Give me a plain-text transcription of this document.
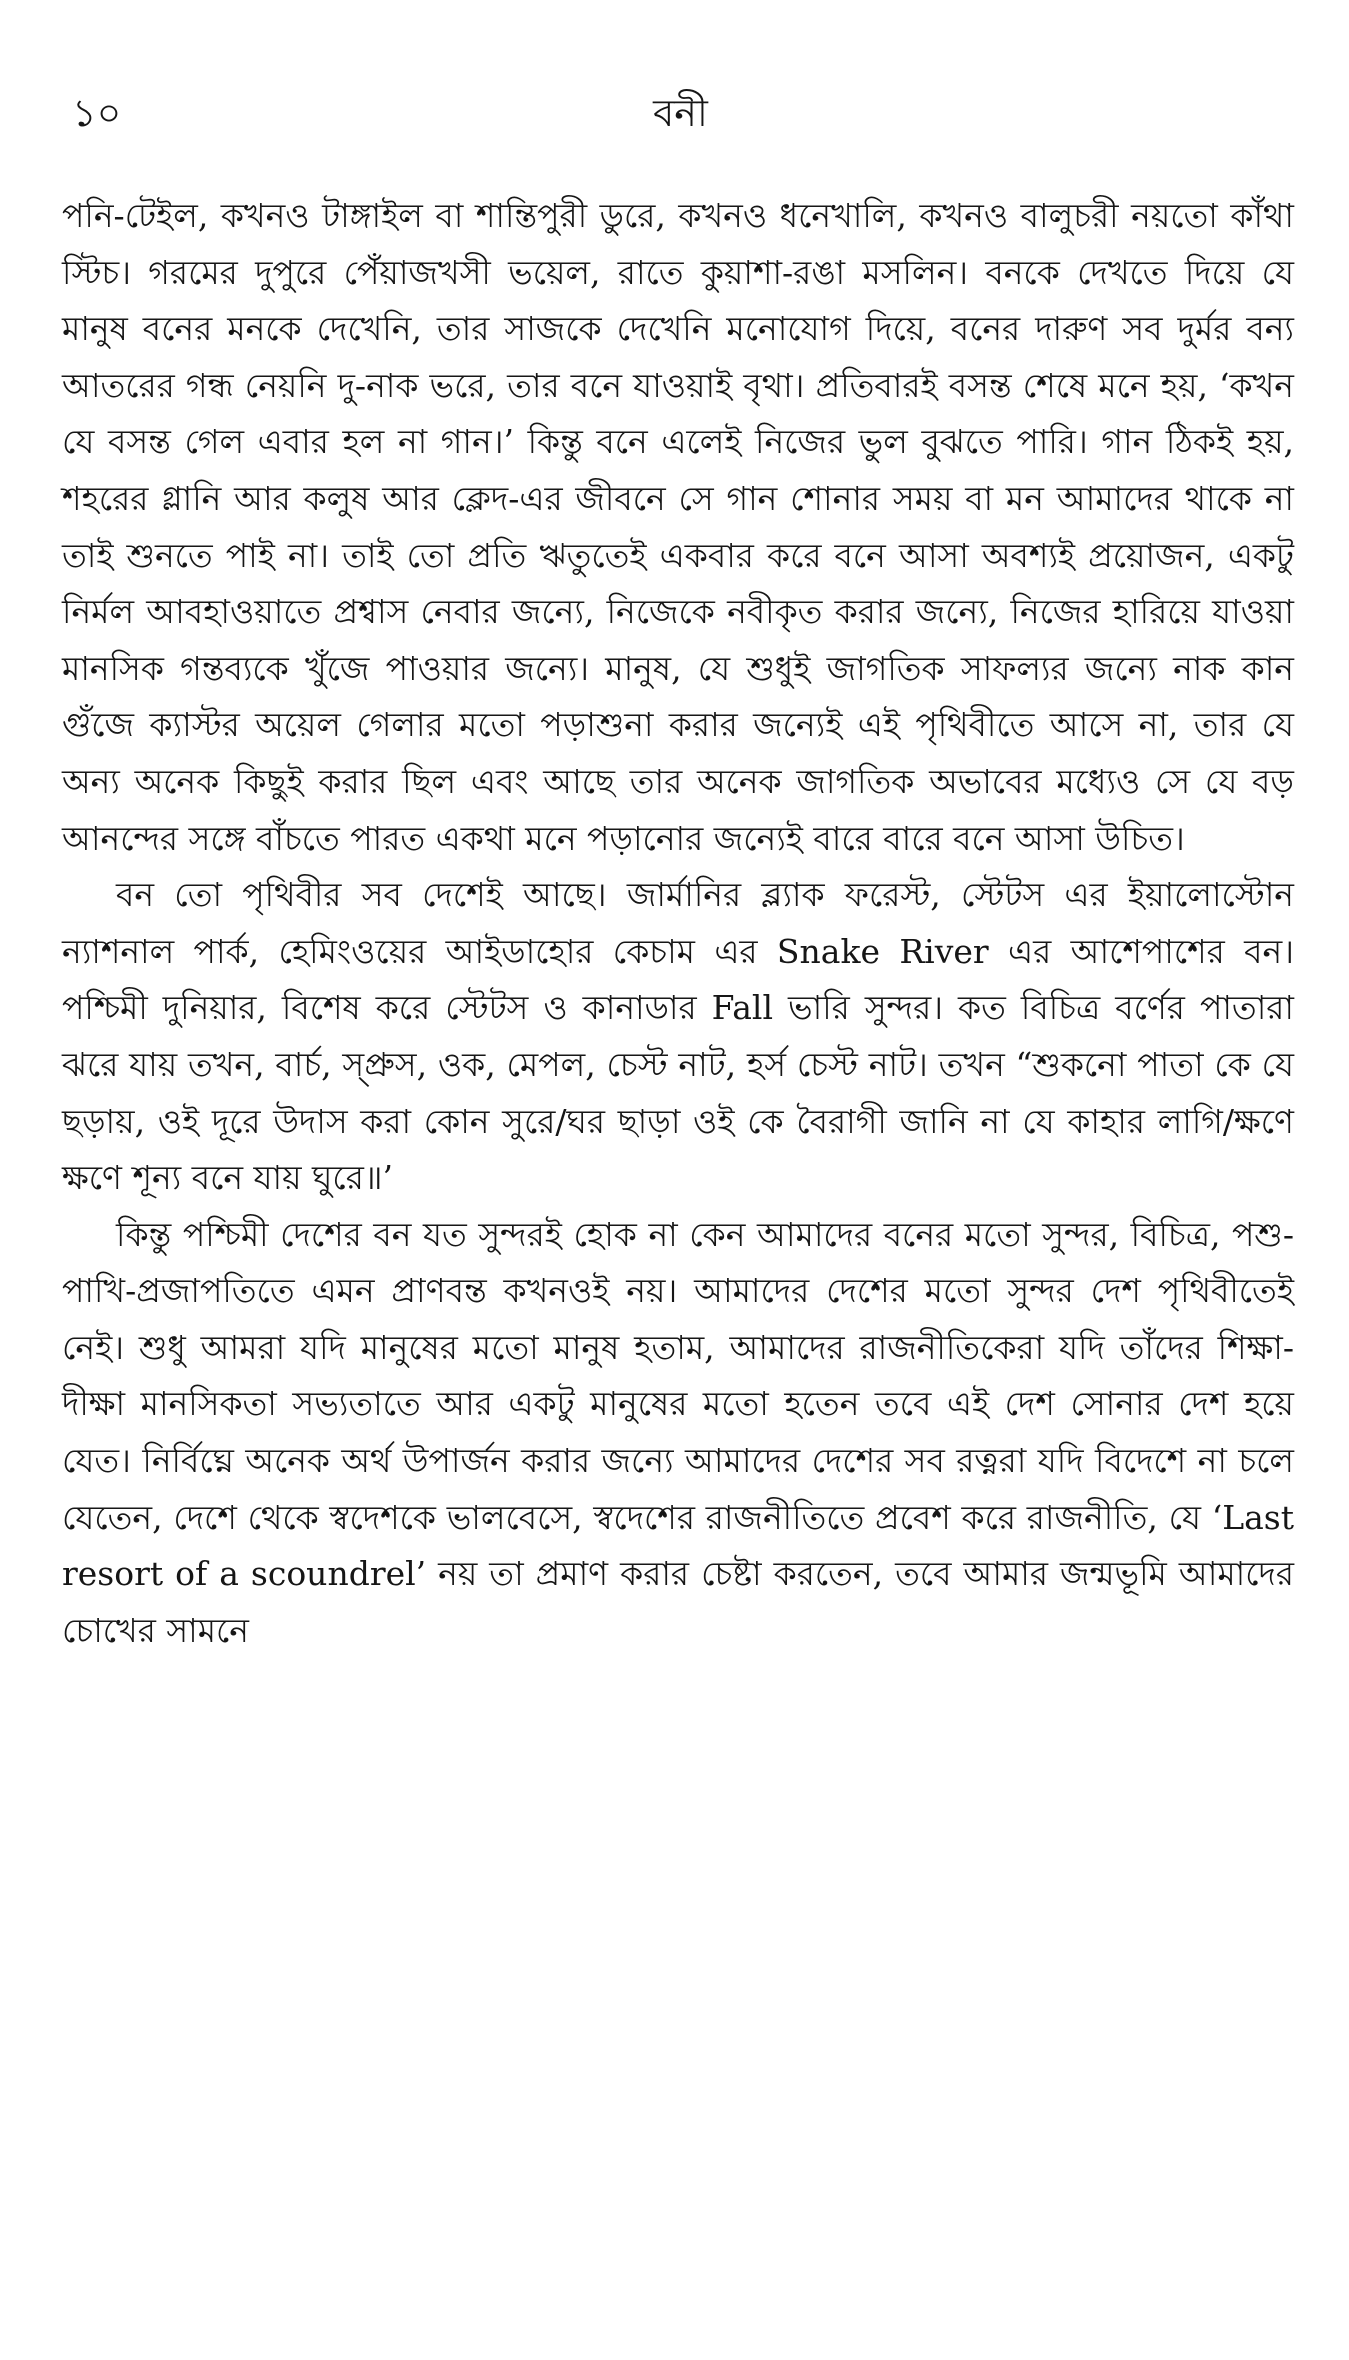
১০	বনী

পনি-টেইল, কখনও টাঙ্গাইল বা শান্তিপুরী ডুরে, কখনও ধনেখালি, কখনও বালুচরী নয়তো কাঁথা স্টিচ। গরমের দুপুরে পেঁয়াজখসী ভয়েল, রাতে কুয়াশা-রঙা মসলিন। বনকে দেখতে দিয়ে যে মানুষ বনের মনকে দেখেনি, তার সাজকে দেখেনি মনোযোগ দিয়ে, বনের দারুণ সব দুর্মর বন্য আতরের গন্ধ নেয়নি দু-নাক ভরে, তার বনে যাওয়াই বৃথা। প্রতিবারই বসন্ত শেষে মনে হয়, ‘কখন যে বসন্ত গেল এবার হল না গান।’ কিন্তু বনে এলেই নিজের ভুল বুঝতে পারি। গান ঠিকই হয়, শহরের গ্লানি আর কলুষ আর ক্লেদ-এর জীবনে সে গান শোনার সময় বা মন আমাদের থাকে না তাই শুনতে পাই না। তাই তো প্রতি ঋতুতেই একবার করে বনে আসা অবশ্যই প্রয়োজন, একটু নির্মল আবহাওয়াতে প্রশ্বাস নেবার জন্যে, নিজেকে নবীকৃত করার জন্যে, নিজের হারিয়ে যাওয়া মানসিক গন্তব্যকে খুঁজে পাওয়ার জন্যে। মানুষ, যে শুধুই জাগতিক সাফল্যর জন্যে নাক কান গুঁজে ক্যাস্টর অয়েল গেলার মতো পড়াশুনা করার জন্যেই এই পৃথিবীতে আসে না, তার যে অন্য অনেক কিছুই করার ছিল এবং আছে তার অনেক জাগতিক অভাবের মধ্যেও সে যে বড় আনন্দের সঙ্গে বাঁচতে পারত একথা মনে পড়ানোর জন্যেই বারে বারে বনে আসা উচিত।

বন তো পৃথিবীর সব দেশেই আছে। জার্মানির ব্ল্যাক ফরেস্ট, স্টেটস এর ইয়ালোস্টোন ন্যাশনাল পার্ক, হেমিংওয়ের আইডাহোর কেচাম এর Snake River এর আশেপাশের বন। পশ্চিমী দুনিয়ার, বিশেষ করে স্টেটস ও কানাডার Fall ভারি সুন্দর। কত বিচিত্র বর্ণের পাতারা ঝরে যায় তখন, বার্চ, স্প্রুস, ওক, মেপল, চেস্ট নাট, হর্স চেস্ট নাট। তখন “শুকনো পাতা কে যে ছড়ায়, ওই দূরে উদাস করা কোন সুরে/ঘর ছাড়া ওই কে বৈরাগী জানি না যে কাহার লাগি/ক্ষণে ক্ষণে শূন্য বনে যায় ঘুরে॥’

কিন্তু পশ্চিমী দেশের বন যত সুন্দরই হোক না কেন আমাদের বনের মতো সুন্দর, বিচিত্র, পশু-পাখি-প্রজাপতিতে এমন প্রাণবন্ত কখনওই নয়। আমাদের দেশের মতো সুন্দর দেশ পৃথিবীতেই নেই। শুধু আমরা যদি মানুষের মতো মানুষ হতাম, আমাদের রাজনীতিকেরা যদি তাঁদের শিক্ষা-দীক্ষা মানসিকতা সভ্যতাতে আর একটু মানুষের মতো হতেন তবে এই দেশ সোনার দেশ হয়ে যেত। নির্বিঘ্নে অনেক অর্থ উপার্জন করার জন্যে আমাদের দেশের সব রত্নরা যদি বিদেশে না চলে যেতেন, দেশে থেকে স্বদেশকে ভালবেসে, স্বদেশের রাজনীতিতে প্রবেশ করে রাজনীতি, যে ‘Last resort of a scoundrel’ নয় তা প্রমাণ করার চেষ্টা করতেন, তবে আমার জন্মভূমি আমাদের চোখের সামনে
